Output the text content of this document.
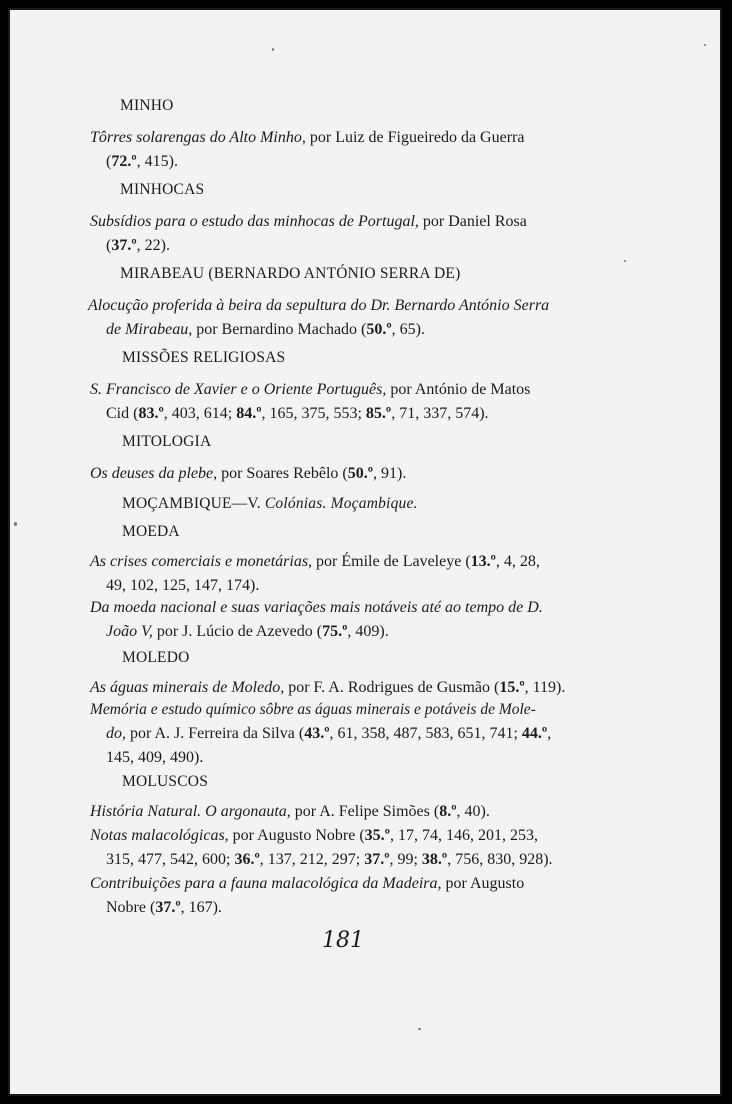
MINHO
Tôrres solarengas do Alto Minho, por Luiz de Figueiredo da Guerra
(72.º, 415).
MINHOCAS
Subsídios para o estudo das minhocas de Portugal, por Daniel Rosa
(37.º, 22).
MIRABEAU (BERNARDO ANTÓNIO SERRA DE)
Alocução proferida à beira da sepultura do Dr. Bernardo António Serra
de Mirabeau, por Bernardino Machado (50.º, 65).
MISSÕES RELIGIOSAS
S. Francisco de Xavier e o Oriente Português, por António de Matos
Cid (83.º, 403, 614; 84.º, 165, 375, 553; 85.º, 71, 337, 574).
MITOLOGIA
Os deuses da plebe, por Soares Rebêlo (50.º, 91).
MOÇAMBIQUE—V. Colónias. Moçambique.
MOEDA
As crises comerciais e monetárias, por Émile de Laveleye (13.º, 4, 28,
49, 102, 125, 147, 174).
Da moeda nacional e suas variações mais notáveis até ao tempo de D.
João V, por J. Lúcio de Azevedo (75.º, 409).
MOLEDO
As águas minerais de Moledo, por F. A. Rodrigues de Gusmão (15.º, 119).
Memória e estudo químico sôbre as águas minerais e potáveis de Mole-
do, por A. J. Ferreira da Silva (43.º, 61, 358, 487, 583, 651, 741; 44.º,
145, 409, 490).
MOLUSCOS
História Natural. O argonauta, por A. Felipe Simões (8.º, 40).
Notas malacológicas, por Augusto Nobre (35.º, 17, 74, 146, 201, 253,
315, 477, 542, 600; 36.º, 137, 212, 297; 37.º, 99; 38.º, 756, 830, 928).
Contribuições para a fauna malacológica da Madeira, por Augusto
Nobre (37.º, 167).
181
